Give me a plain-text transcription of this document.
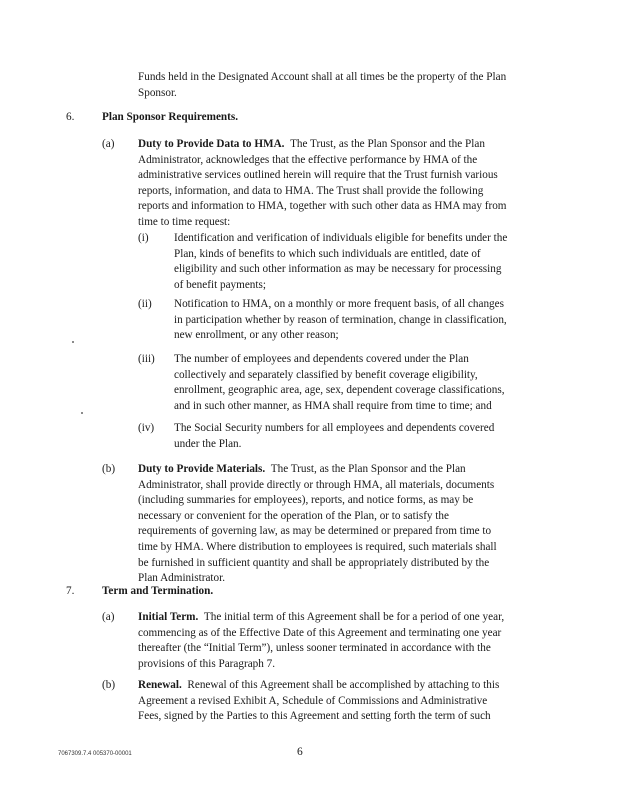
Funds held in the Designated Account shall at all times be the property of the Plan
Sponsor.
6. Plan Sponsor Requirements.
(a) Duty to Provide Data to HMA. The Trust, as the Plan Sponsor and the Plan
Administrator, acknowledges that the effective performance by HMA of the
administrative services outlined herein will require that the Trust furnish various
reports, information, and data to HMA. The Trust shall provide the following
reports and information to HMA, together with such other data as HMA may from
time to time request:
(i) Identification and verification of individuals eligible for benefits under the
Plan, kinds of benefits to which such individuals are entitled, date of
eligibility and such other information as may be necessary for processing
of benefit payments;
(ii) Notification to HMA, on a monthly or more frequent basis, of all changes
in participation whether by reason of termination, change in classification,
new enrollment, or any other reason;
(iii) The number of employees and dependents covered under the Plan
collectively and separately classified by benefit coverage eligibility,
enrollment, geographic area, age, sex, dependent coverage classifications,
and in such other manner, as HMA shall require from time to time; and
(iv) The Social Security numbers for all employees and dependents covered
under the Plan.
(b) Duty to Provide Materials. The Trust, as the Plan Sponsor and the Plan
Administrator, shall provide directly or through HMA, all materials, documents
(including summaries for employees), reports, and notice forms, as may be
necessary or convenient for the operation of the Plan, or to satisfy the
requirements of governing law, as may be determined or prepared from time to
time by HMA. Where distribution to employees is required, such materials shall
be furnished in sufficient quantity and shall be appropriately distributed by the
Plan Administrator.
7. Term and Termination.
(a) Initial Term. The initial term of this Agreement shall be for a period of one year,
commencing as of the Effective Date of this Agreement and terminating one year
thereafter (the “Initial Term”), unless sooner terminated in accordance with the
provisions of this Paragraph 7.
(b) Renewal. Renewal of this Agreement shall be accomplished by attaching to this
Agreement a revised Exhibit A, Schedule of Commissions and Administrative
Fees, signed by the Parties to this Agreement and setting forth the term of such
7067309.7.4 005370-00001	6
